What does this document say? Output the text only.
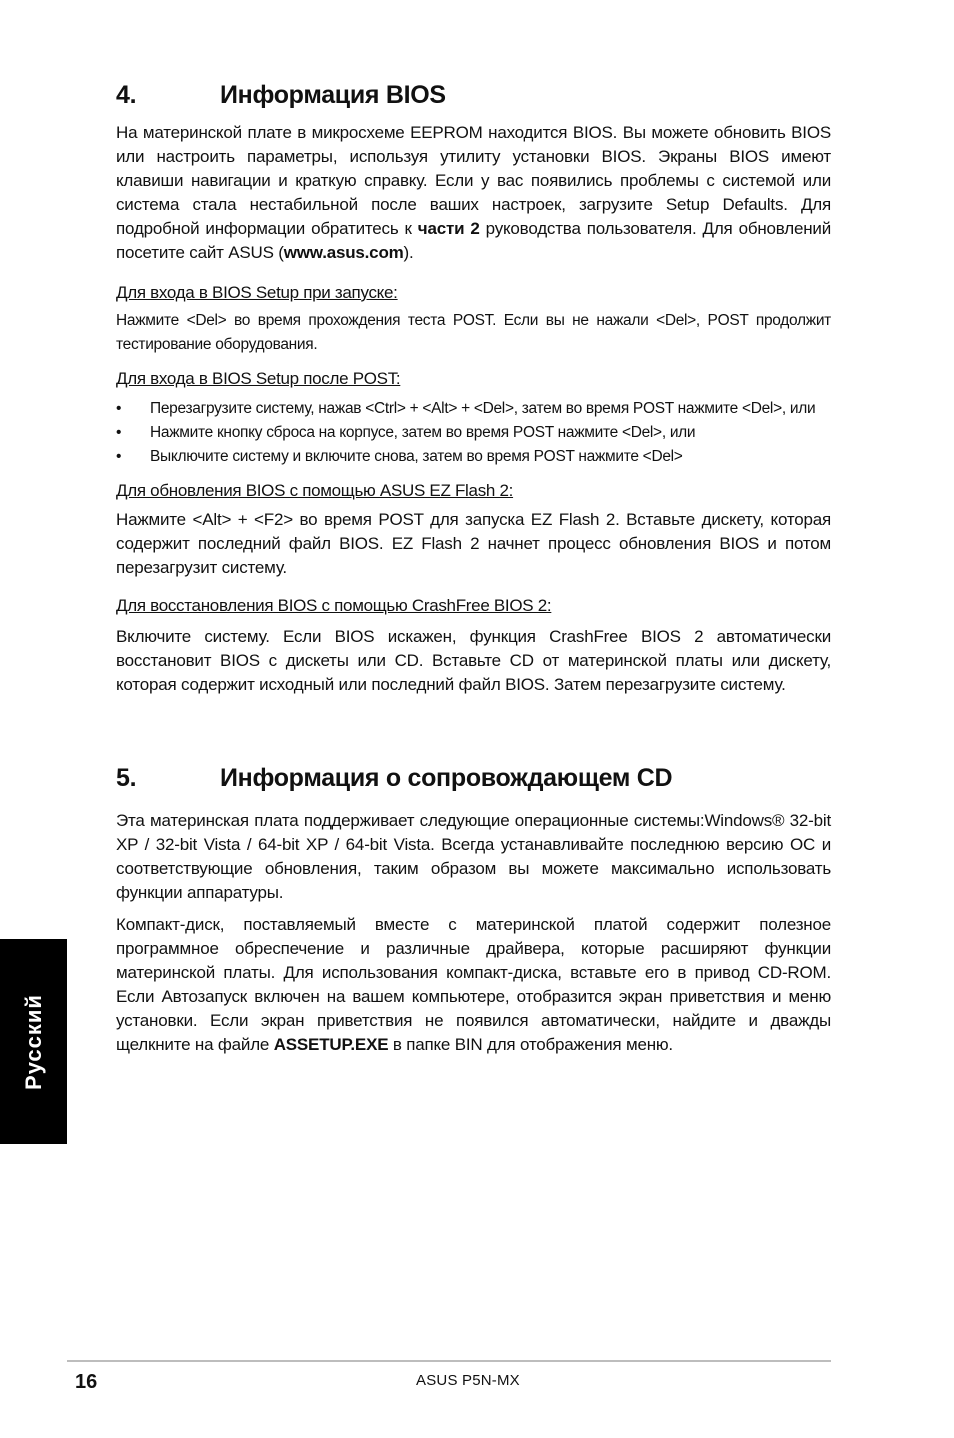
4.	Информация BIOS

На материнской плате в микросхеме EEPROM находится BIOS. Вы можете обновить BIOS или настроить параметры, используя утилиту установки BIOS. Экраны BIOS имеют клавиши навигации и краткую справку. Если у вас появились проблемы с системой или система стала нестабильной после ваших настроек, загрузите Setup Defaults. Для подробной информации обратитесь к части 2 руководства пользователя. Для обновлений посетите сайт ASUS (www.asus.com).

Для входа в BIOS Setup при запуске:

Нажмите <Del> во время прохождения теста POST. Если вы не нажали <Del>, POST продолжит тестирование оборудования.

Для входа в BIOS Setup после POST:
• Перезагрузите систему, нажав <Ctrl> + <Alt> + <Del>, затем во время POST нажмите <Del>, или
• Нажмите кнопку сброса на корпусе, затем во время POST нажмите <Del>, или
• Выключите систему и включите снова, затем во время POST нажмите <Del>
Для обновления BIOS с помощью ASUS EZ Flash 2:

Нажмите <Alt> + <F2> во время POST для запуска EZ Flash 2. Вставьте дискету, которая содержит последний файл BIOS. EZ Flash 2 начнет процесс обновления BIOS и потом перезагрузит систему.

Для восстановления BIOS с помощью CrashFree BIOS 2:

Включите систему. Если BIOS искажен, функция CrashFree BIOS 2 автоматически восстановит BIOS с дискеты или CD. Вставьте CD от материнской платы или дискету, которая содержит исходный или последний файл BIOS. Затем перезагрузите систему.

5.	Информация о сопровождающем CD

Эта материнская плата поддерживает следующие операционные системы:Windows® 32-bit XP / 32-bit Vista / 64-bit XP / 64-bit Vista. Всегда устанавливайте последнюю версию ОС и соответствующие обновления, таким образом вы можете максимально использовать функции аппаратуры.

Компакт-диск, поставляемый вместе с материнской платой содержит полезное программное обреспечение и различные драйвера, которые расширяют функции материнской платы. Для использования компакт-диска, вставьте его в привод CD-ROM. Если Автозапуск включен на вашем компьютере, отобразится экран приветствия и меню установки. Если экран приветствия не появился автоматически, найдите и дважды щелкните на файле ASSETUP.EXE в папке BIN для отображения меню.

Русский
16	ASUS P5N-MX
